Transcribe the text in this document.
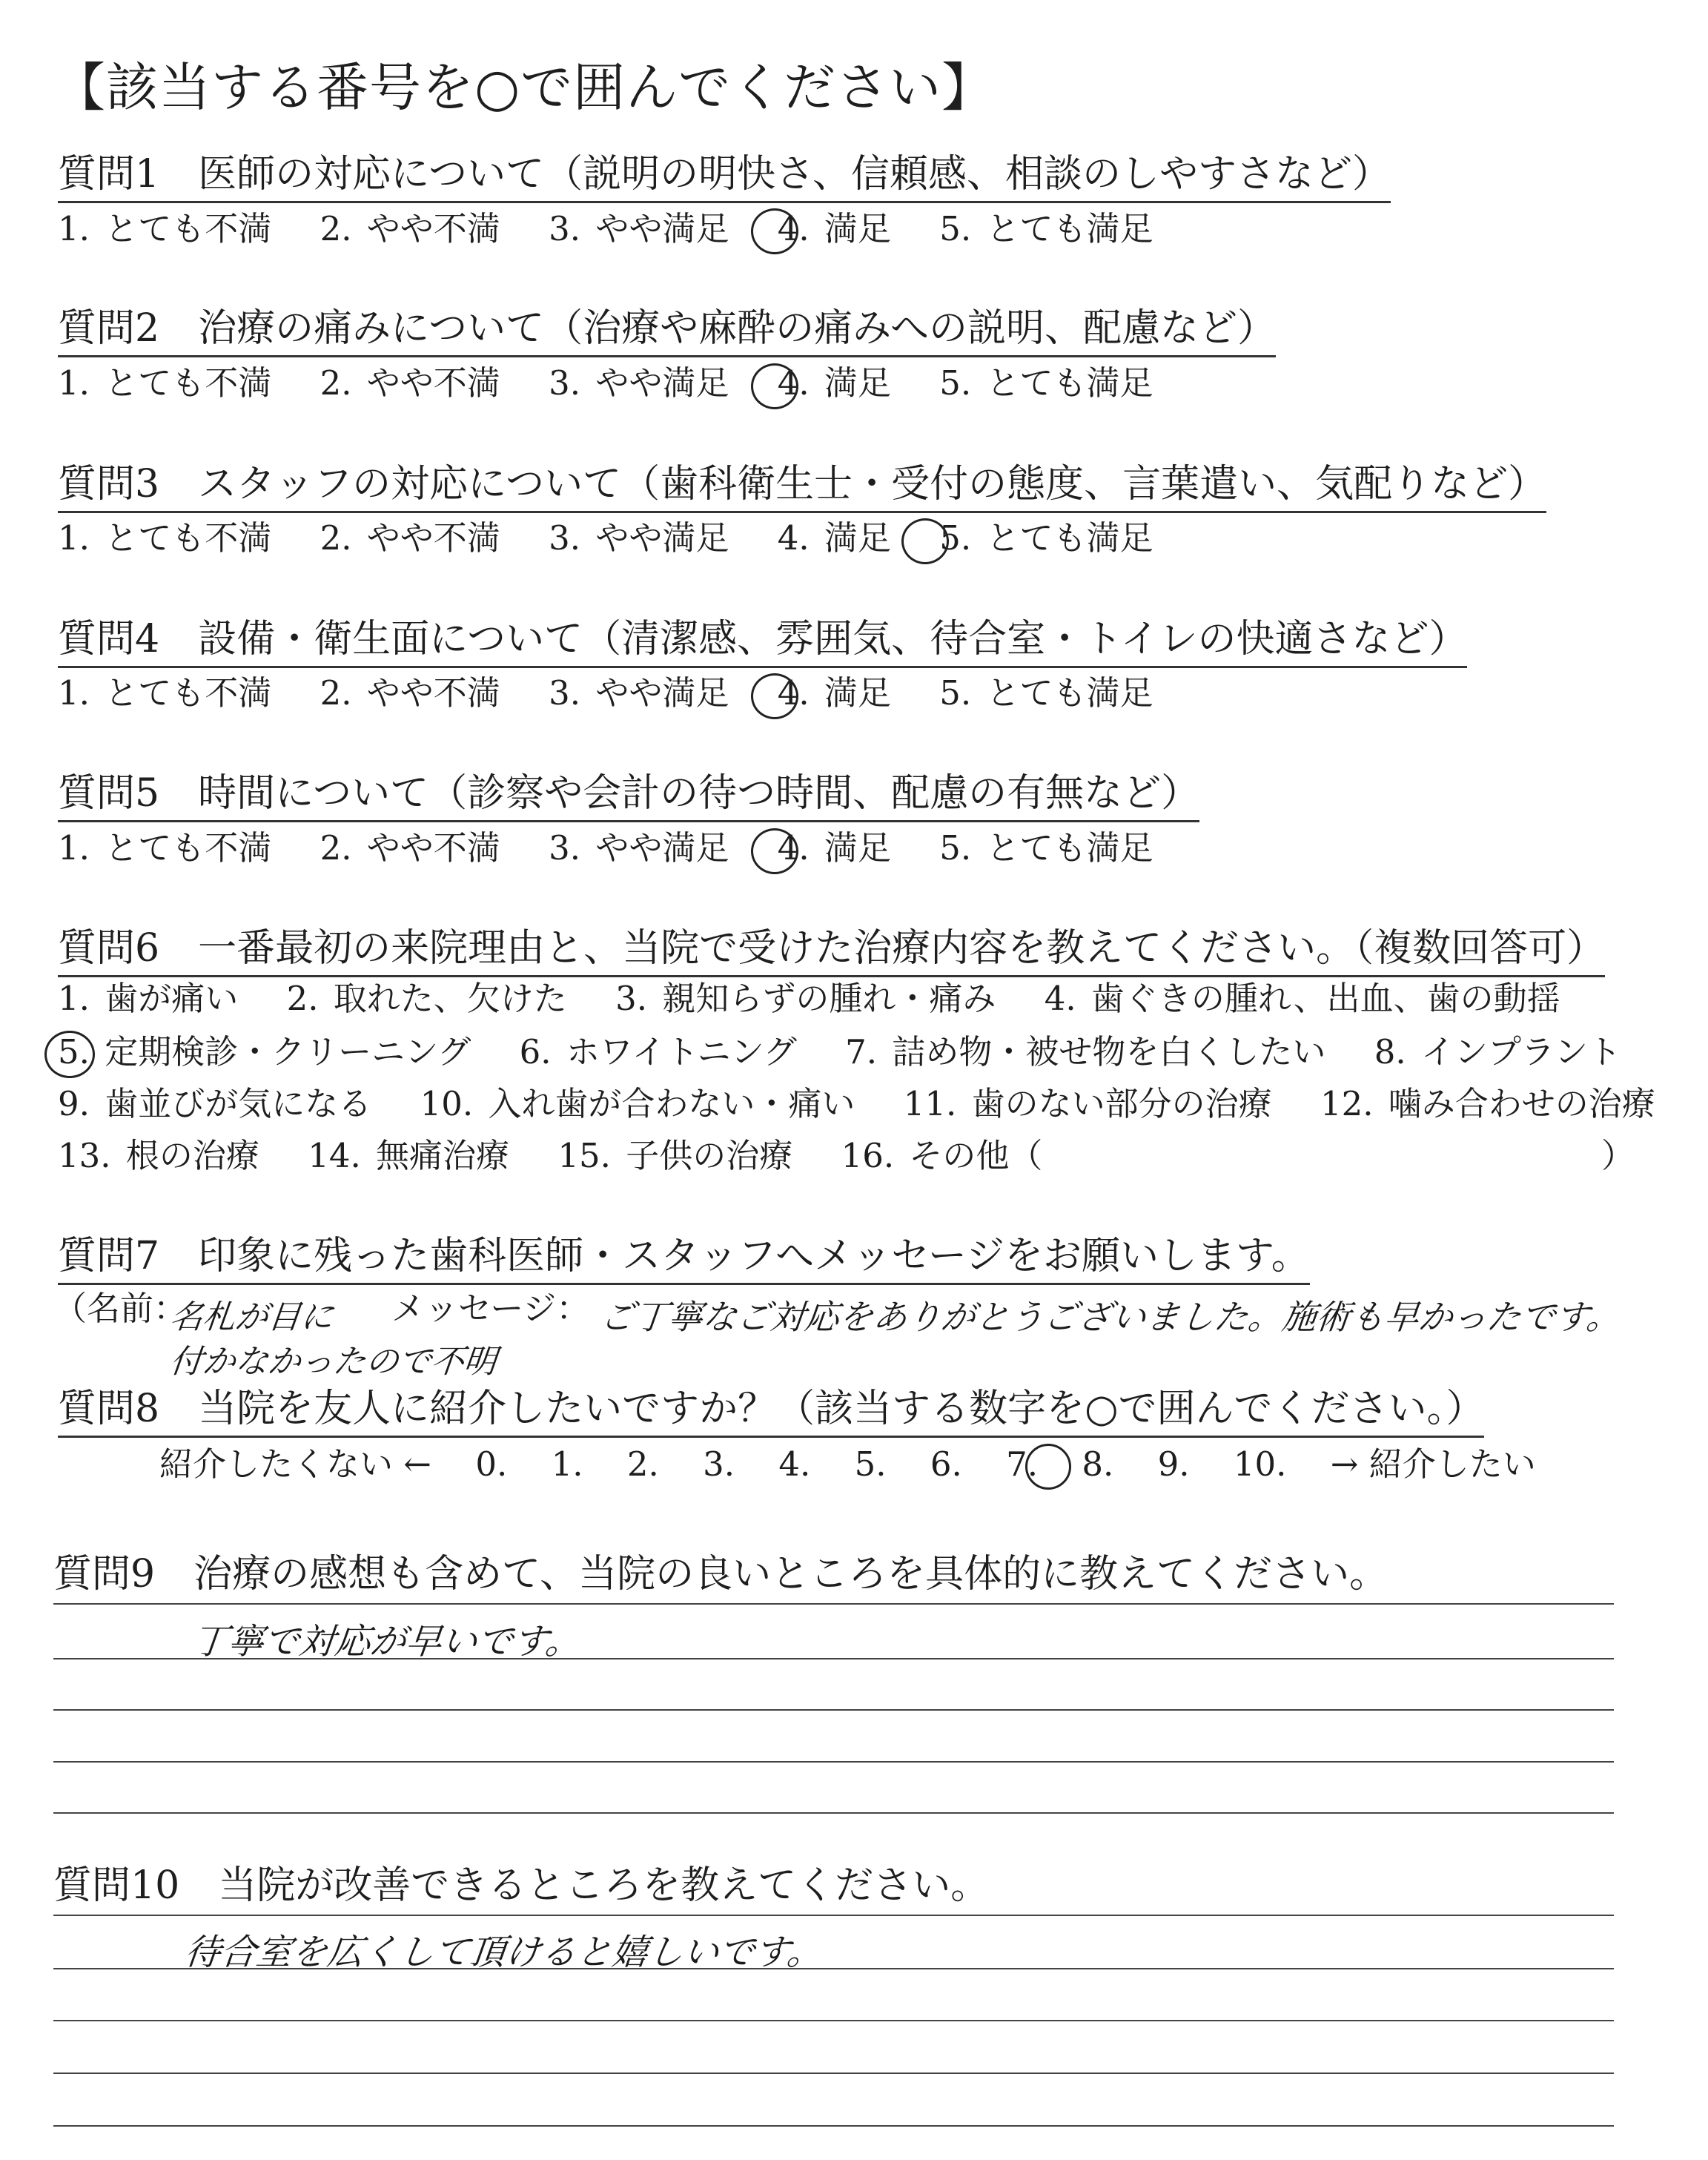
【該当する番号を○で囲んでください】
質問1　 医師の対応について（説明の明快さ、信頼感、相談のしやすさなど）
1. とても不満　 2. やや不満　 3. やや満足　 4. 満足　 5. とても満足
質問2　 治療の痛みについて（治療や麻酔の痛みへの説明、配慮など）
1. とても不満　 2. やや不満　 3. やや満足　 4. 満足　 5. とても満足
質問3　 スタッフの対応について（歯科衛生士・受付の態度、言葉遣い、気配りなど）
1. とても不満　 2. やや不満　 3. やや満足　 4. 満足　 5. とても満足
質問4　 設備・衛生面について（清潔感、雰囲気、待合室・トイレの快適さなど）
1. とても不満　 2. やや不満　 3. やや満足　 4. 満足　 5. とても満足
質問5　 時間について（診察や会計の待つ時間、配慮の有無など）
1. とても不満　 2. やや不満　 3. やや満足　 4. 満足　 5. とても満足
質問6　 一番最初の来院理由と、当院で受けた治療内容を教えてください。（複数回答可）
1. 歯が痛い　 2. 取れた、欠けた　 3. 親知らずの腫れ・痛み　 4. 歯ぐきの腫れ、出血、歯の動揺
5. 定期検診・クリーニング　 6. ホワイトニング　 7. 詰め物・被せ物を白くしたい　 8. インプラント
9. 歯並びが気になる　 10. 入れ歯が合わない・痛い　 11. 歯のない部分の治療　 12. 噛み合わせの治療
13. 根の治療　 14. 無痛治療　 15. 子供の治療　 16. その他（	）
質問7　 印象に残った歯科医師・スタッフへメッセージをお願いします。
（名前：
名札が目に
付かなかったので不明
メッセージ： ご丁寧なご対応をありがとうございました。施術も早かったです。
質問8　 当院を友人に紹介したいですか？（該当する数字を○で囲んでください。）
紹介したくない ←　 0.　 1.　 2.　 3.　 4.　 5.　 6.　 7.　 8.　 9.　 10.　 → 紹介したい
質問9　 治療の感想も含めて、当院の良いところを具体的に教えてください。
丁寧で対応が早いです。
質問10　 当院が改善できるところを教えてください。
待合室を広くして頂けると嬉しいです。
